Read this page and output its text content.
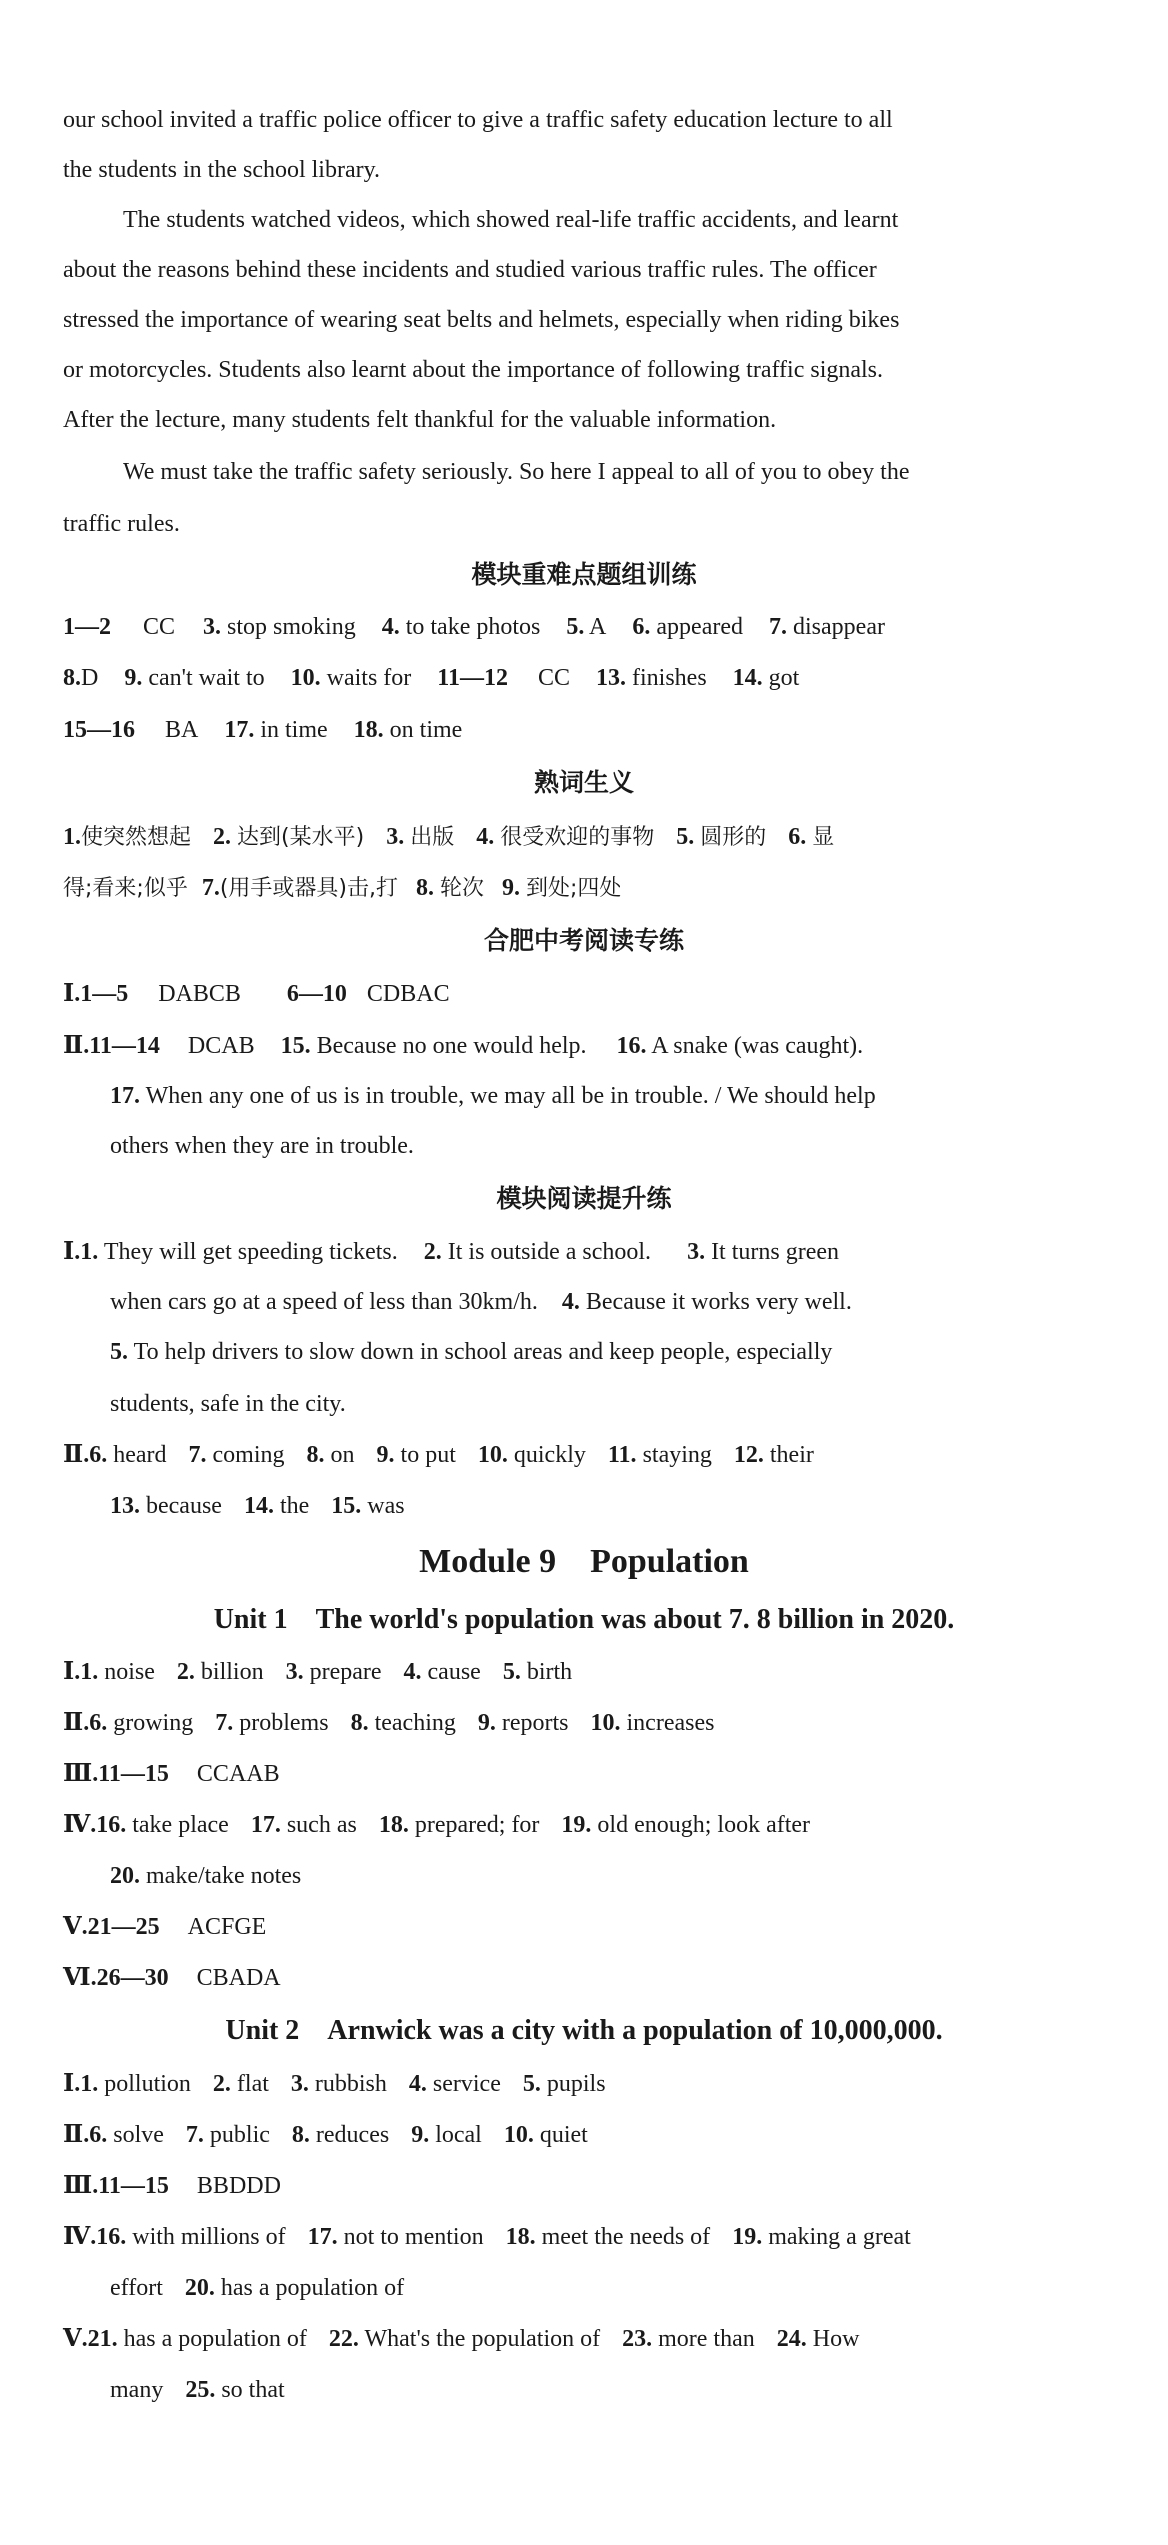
our school invited a traffic police officer to give a traffic safety education lecture to all
the students in the school library.
The students watched videos, which showed real-life traffic accidents, and learnt
about the reasons behind these incidents and studied various traffic rules. The officer
stressed the importance of wearing seat belts and helmets, especially when riding bikes
or motorcycles. Students also learnt about the importance of following traffic signals.
After the lecture, many students felt thankful for the valuable information.
We must take the traffic safety seriously. So here I appeal to all of you to obey the
traffic rules.
模块重难点题组训练
1—2 CC 3. stop smoking 4. to take photos 5. A 6. appeared 7. disappear
8.D 9. can't wait to 10. waits for 11—12 CC 13. finishes 14. got
15—16 BA 17. in time 18. on time
熟词生义
1.使突然想起 2. 达到(某水平) 3. 出版 4. 很受欢迎的事物 5. 圆形的 6. 显
得;看来;似乎 7.(用手或器具)击,打 8. 轮次 9. 到处;四处
合肥中考阅读专练
Ⅰ.1—5 DABCB 6—10 CDBAC
Ⅱ.11—14 DCAB 15. Because no one would help. 16. A snake (was caught).
17. When any one of us is in trouble, we may all be in trouble. / We should help
others when they are in trouble.
模块阅读提升练
Ⅰ.1. They will get speeding tickets. 2. It is outside a school. 3. It turns green
when cars go at a speed of less than 30km/h. 4. Because it works very well.
5. To help drivers to slow down in school areas and keep people, especially
students, safe in the city.
Ⅱ.6. heard 7. coming 8. on 9. to put 10. quickly 11. staying 12. their
13. because 14. the 15. was
Module 9　Population
Unit 1　The world's population was about 7. 8 billion in 2020.
Ⅰ.1. noise 2. billion 3. prepare 4. cause 5. birth
Ⅱ.6. growing 7. problems 8. teaching 9. reports 10. increases
Ⅲ.11—15 CCAAB
Ⅳ.16. take place 17. such as 18. prepared; for 19. old enough; look after
20. make/take notes
Ⅴ.21—25 ACFGE
Ⅵ.26—30 CBADA
Unit 2　Arnwick was a city with a population of 10,000,000.
Ⅰ.1. pollution 2. flat 3. rubbish 4. service 5. pupils
Ⅱ.6. solve 7. public 8. reduces 9. local 10. quiet
Ⅲ.11—15 BBDDD
Ⅳ.16. with millions of 17. not to mention 18. meet the needs of 19. making a great
effort 20. has a population of
Ⅴ.21. has a population of 22. What's the population of 23. more than 24. How
many 25. so that
